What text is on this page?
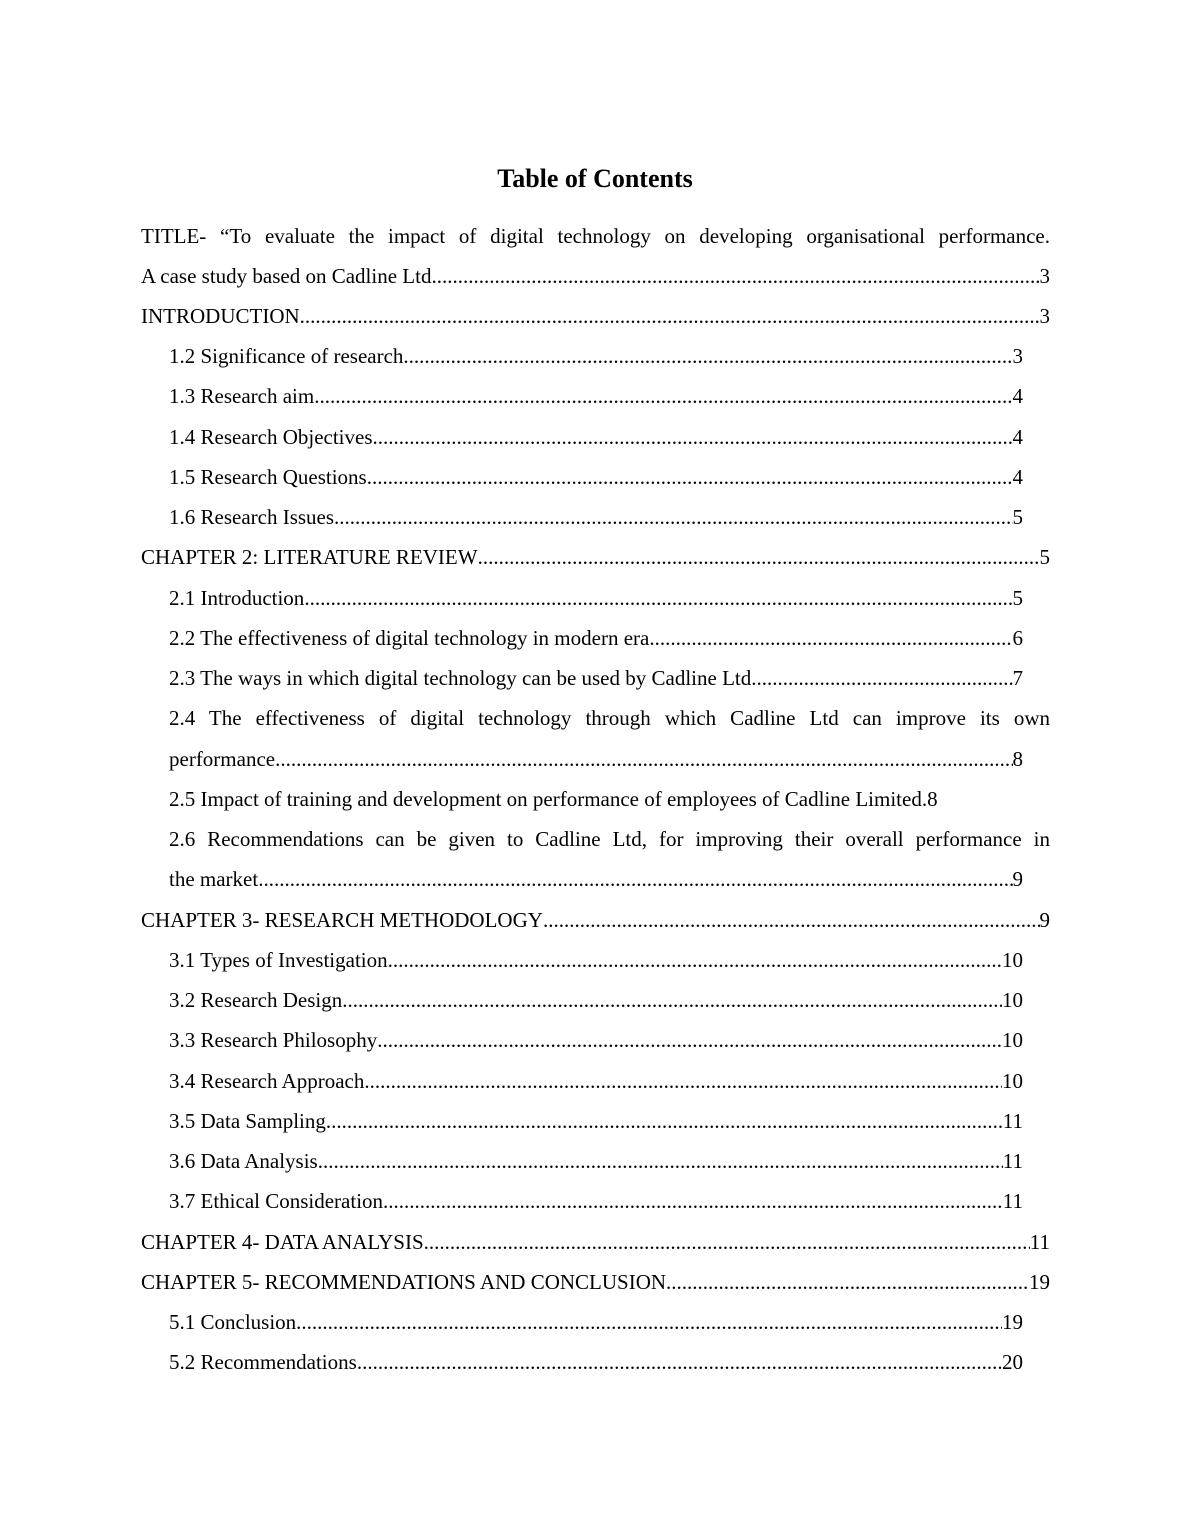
Table of Contents
TITLE- “To evaluate the impact of digital technology on developing organisational performance.
A case study based on Cadline Ltd .....	3
INTRODUCTION .....	3
1.2 Significance of research .....	3
1.3 Research aim .....	4
1.4 Research Objectives .....	4
1.5 Research Questions .....	4
1.6 Research Issues .....	5
CHAPTER 2: LITERATURE REVIEW .....	5
2.1 Introduction .....	5
2.2 The effectiveness of digital technology in modern era .....	6
2.3 The ways in which digital technology can be used by Cadline Ltd .....	7
2.4 The effectiveness of digital technology through which Cadline Ltd can improve its own
performance .....	8
2.5 Impact of training and development on performance of employees of Cadline Limited. 8
2.6 Recommendations can be given to Cadline Ltd, for improving their overall performance in
the market .....	9
CHAPTER 3- RESEARCH METHODOLOGY .....	9
3.1 Types of Investigation .....	10
3.2 Research Design .....	10
3.3 Research Philosophy .....	10
3.4 Research Approach .....	10
3.5 Data Sampling .....	11
3.6 Data Analysis .....	11
3.7 Ethical Consideration .....	11
CHAPTER 4- DATA ANALYSIS .....	11
CHAPTER 5- RECOMMENDATIONS AND CONCLUSION .....	19
5.1 Conclusion .....	19
5.2 Recommendations .....	20
